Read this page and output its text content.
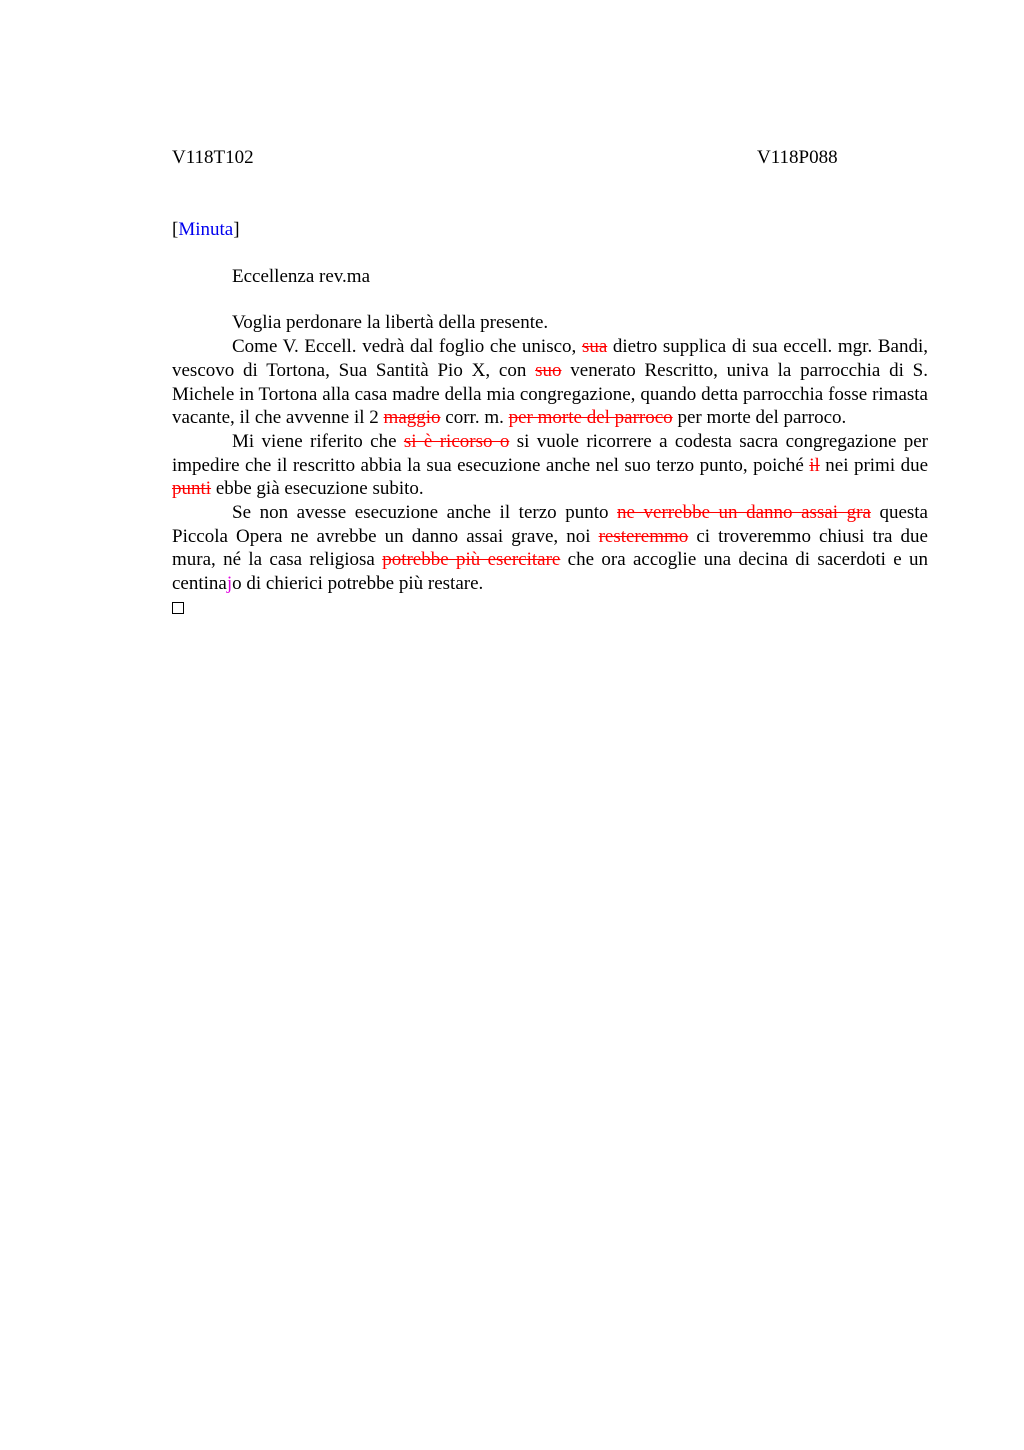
V118T102	V118P088
[Minuta]
Eccellenza rev.ma

Voglia perdonare la libertà della presente.

Come V. Eccell. vedrà dal foglio che unisco, sua dietro supplica di sua eccell. mgr. Bandi, vescovo di Tortona, Sua Santità Pio X, con suo venerato Rescritto, univa la parrocchia di S. Michele in Tortona alla casa madre della mia congregazione, quando detta parrocchia fosse rimasta vacante, il che avvenne il 2 maggio corr. m. per morte del parroco per morte del parroco.

Mi viene riferito che si è ricorso o si vuole ricorrere a codesta sacra congregazione per impedire che il rescritto abbia la sua esecuzione anche nel suo terzo punto, poiché il nei primi due punti ebbe già esecuzione subito.

Se non avesse esecuzione anche il terzo punto ne verrebbe un danno assai gra questa Piccola Opera ne avrebbe un danno assai grave, noi resteremmo ci troveremmo chiusi tra due mura, né la casa religiosa potrebbe più esercitare che ora accoglie una decina di sacerdoti e un centinajo di chierici potrebbe più restare.
